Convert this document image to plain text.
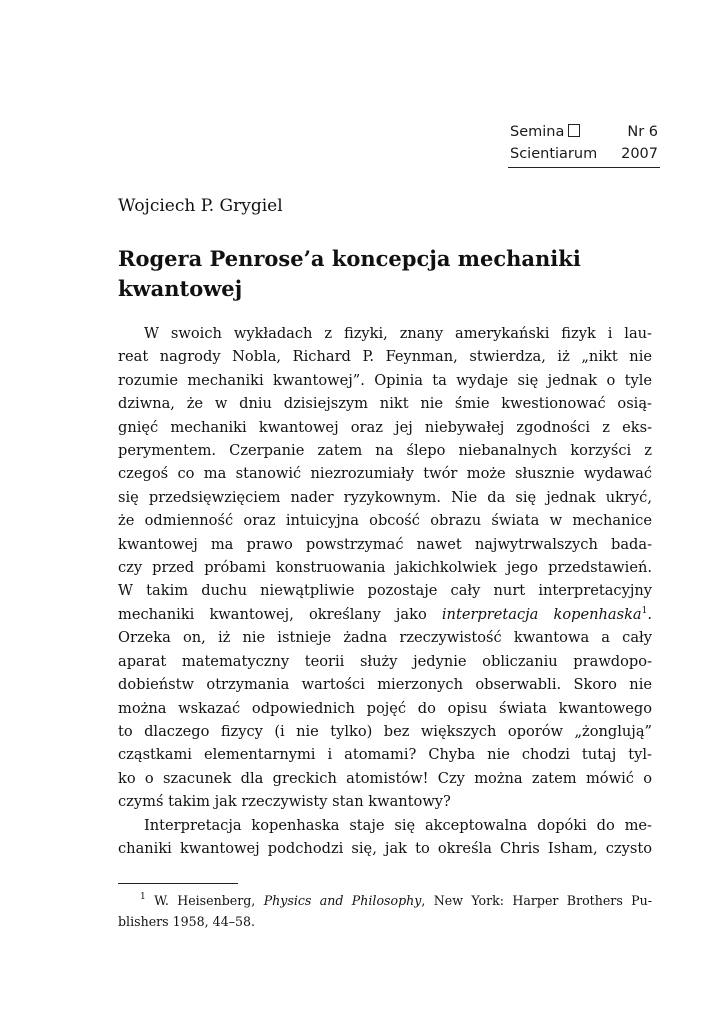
Semina	Nr 6
Scientiarum 2007
Wojciech P. Grygiel
Rogera Penrose’a koncepcja mechaniki
kwantowej
W swoich wykładach z fizyki, znany amerykański fizyk i lau-
reat nagrody Nobla, Richard P. Feynman, stwierdza, iż „nikt nie
rozumie mechaniki kwantowej”. Opinia ta wydaje się jednak o tyle
dziwna, że w dniu dzisiejszym nikt nie śmie kwestionować osią-
gnięć mechaniki kwantowej oraz jej niebywałej zgodności z eks-
perymentem. Czerpanie zatem na ślepo niebanalnych korzyści z
czegoś co ma stanowić niezrozumiały twór może słusznie wydawać
się przedsięwzięciem nader ryzykownym. Nie da się jednak ukryć,
że odmienność oraz intuicyjna obcość obrazu świata w mechanice
kwantowej ma prawo powstrzymać nawet najwytrwalszych bada-
czy przed próbami konstruowania jakichkolwiek jego przedstawień.
W takim duchu niewątpliwie pozostaje cały nurt interpretacyjny
mechaniki kwantowej, określany jako interpretacja kopenhaska$^1$.
Orzeka on, iż nie istnieje żadna rzeczywistość kwantowa a cały
aparat matematyczny teorii służy jedynie obliczaniu prawdopo-
dobieństw otrzymania wartości mierzonych obserwabli. Skoro nie
można wskazać odpowiednich pojęć do opisu świata kwantowego
to dlaczego fizycy (i nie tylko) bez większych oporów „żonglują”
cząstkami elementarnymi i atomami? Chyba nie chodzi tutaj tyl-
ko o szacunek dla greckich atomistów! Czy można zatem mówić o
czymś takim jak rzeczywisty stan kwantowy?
Interpretacja kopenhaska staje się akceptowalna dopóki do me-
chaniki kwantowej podchodzi się, jak to określa Chris Isham, czysto
$^1$ W. Heisenberg, Physics and Philosophy, New York: Harper Brothers Pu-
blishers 1958, 44–58.
